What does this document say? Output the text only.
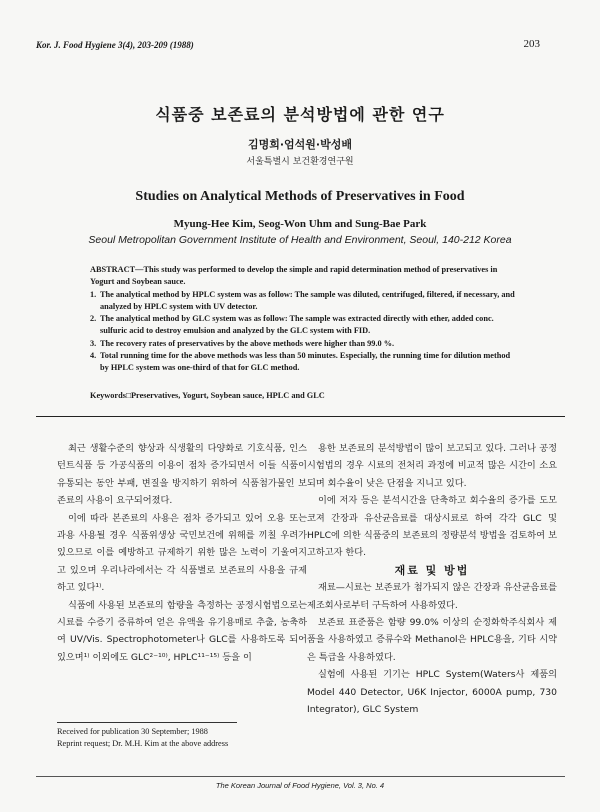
Kor. J. Food Hygiene 3(4), 203-209 (1988)	203
식품중 보존료의 분석방법에 관한 연구
김명희·엄석원·박성배
서울특별시 보건환경연구원
Studies on Analytical Methods of Preservatives in Food
Myung-Hee Kim, Seog-Won Uhm and Sung-Bae Park
Seoul Metropolitan Government Institute of Health and Environment, Seoul, 140-212 Korea

ABSTRACT—This study was performed to develop the simple and rapid determination method of preservatives in Yogurt and Soybean sauce.

1. The analytical method by HPLC system was as follow: The sample was diluted, centrifuged, filtered, if necessary, and analyzed by HPLC system with UV detector.
2. The analytical method by GLC system was as follow: The sample was extracted directly with ether, added conc. sulfuric acid to destroy emulsion and analyzed by the GLC system with FID.
3. The recovery rates of preservatives by the above methods were higher than 99.0 %.
4. Total running time for the above methods was less than 50 minutes. Especially, the running time for dilution method by HPLC system was one-third of that for GLC method.
Keywords□Preservatives, Yogurt, Soybean sauce, HPLC and GLC

최근 생활수준의 향상과 식생활의 다양화로 기호식품, 인스턴트식품 등 가공식품의 이용이 점차 증가되면서 이들 식품이 유통되는 동안 부패, 변질을 방지하기 위하여 식품첨가물인 보존료의 사용이 요구되어졌다.

이에 따라 본존료의 사용은 점차 증가되고 있어 오용 또는 과용 사용될 경우 식품위생상 국민보건에 위해를 끼칠 우려가 있으므로 이를 예방하고 규제하기 위한 많은 노력이 기울여지고 있으며 우리나라에서는 각 식품별로 보존료의 사용을 규제하고 있다¹⁾.

식품에 사용된 보존료의 함량을 측정하는 공정시험법으로는 시료를 수증기 증류하여 얻은 유액을 유기용매로 추출, 농축하여 UV/Vis. Spectrophotometer나 GLC를 사용하도록 되어 있으며¹⁾ 이외에도 GLC²⁻¹⁰⁾, HPLC¹¹⁻¹⁵⁾ 등을 이

용한 보존료의 분석방법이 많이 보고되고 있다. 그러나 공정시험법의 경우 시료의 전처리 과정에 비교적 많은 시간이 소요되며 회수율이 낮은 단점을 지니고 있다.

이에 저자 등은 분석시간을 단축하고 회수율의 증가를 도모코져 간장과 유산균음료를 대상시료로 하여 각각 GLC 및 HPLC에 의한 식품중의 보존료의 정량분석 방법을 검토하여 보고하고자 한다.

재료 및 방법

재료—시료는 보존료가 첨가되지 않은 간장과 유산균음료를 제조회사로부터 구득하여 사용하였다.

보존료 표준품은 함량 99.0% 이상의 순정화학주식회사 제품을 사용하였고 증류수와 Methanol은 HPLC용을, 기타 시약은 특급을 사용하였다.

실험에 사용된 기기는 HPLC System(Waters사 제품의 Model 440 Detector, U6K Injector, 6000A pump, 730 Integrator), GLC System

Received for publication 30 September; 1988
Reprint request; Dr. M.H. Kim at the above address
The Korean Journal of Food Hygiene, Vol. 3, No. 4
